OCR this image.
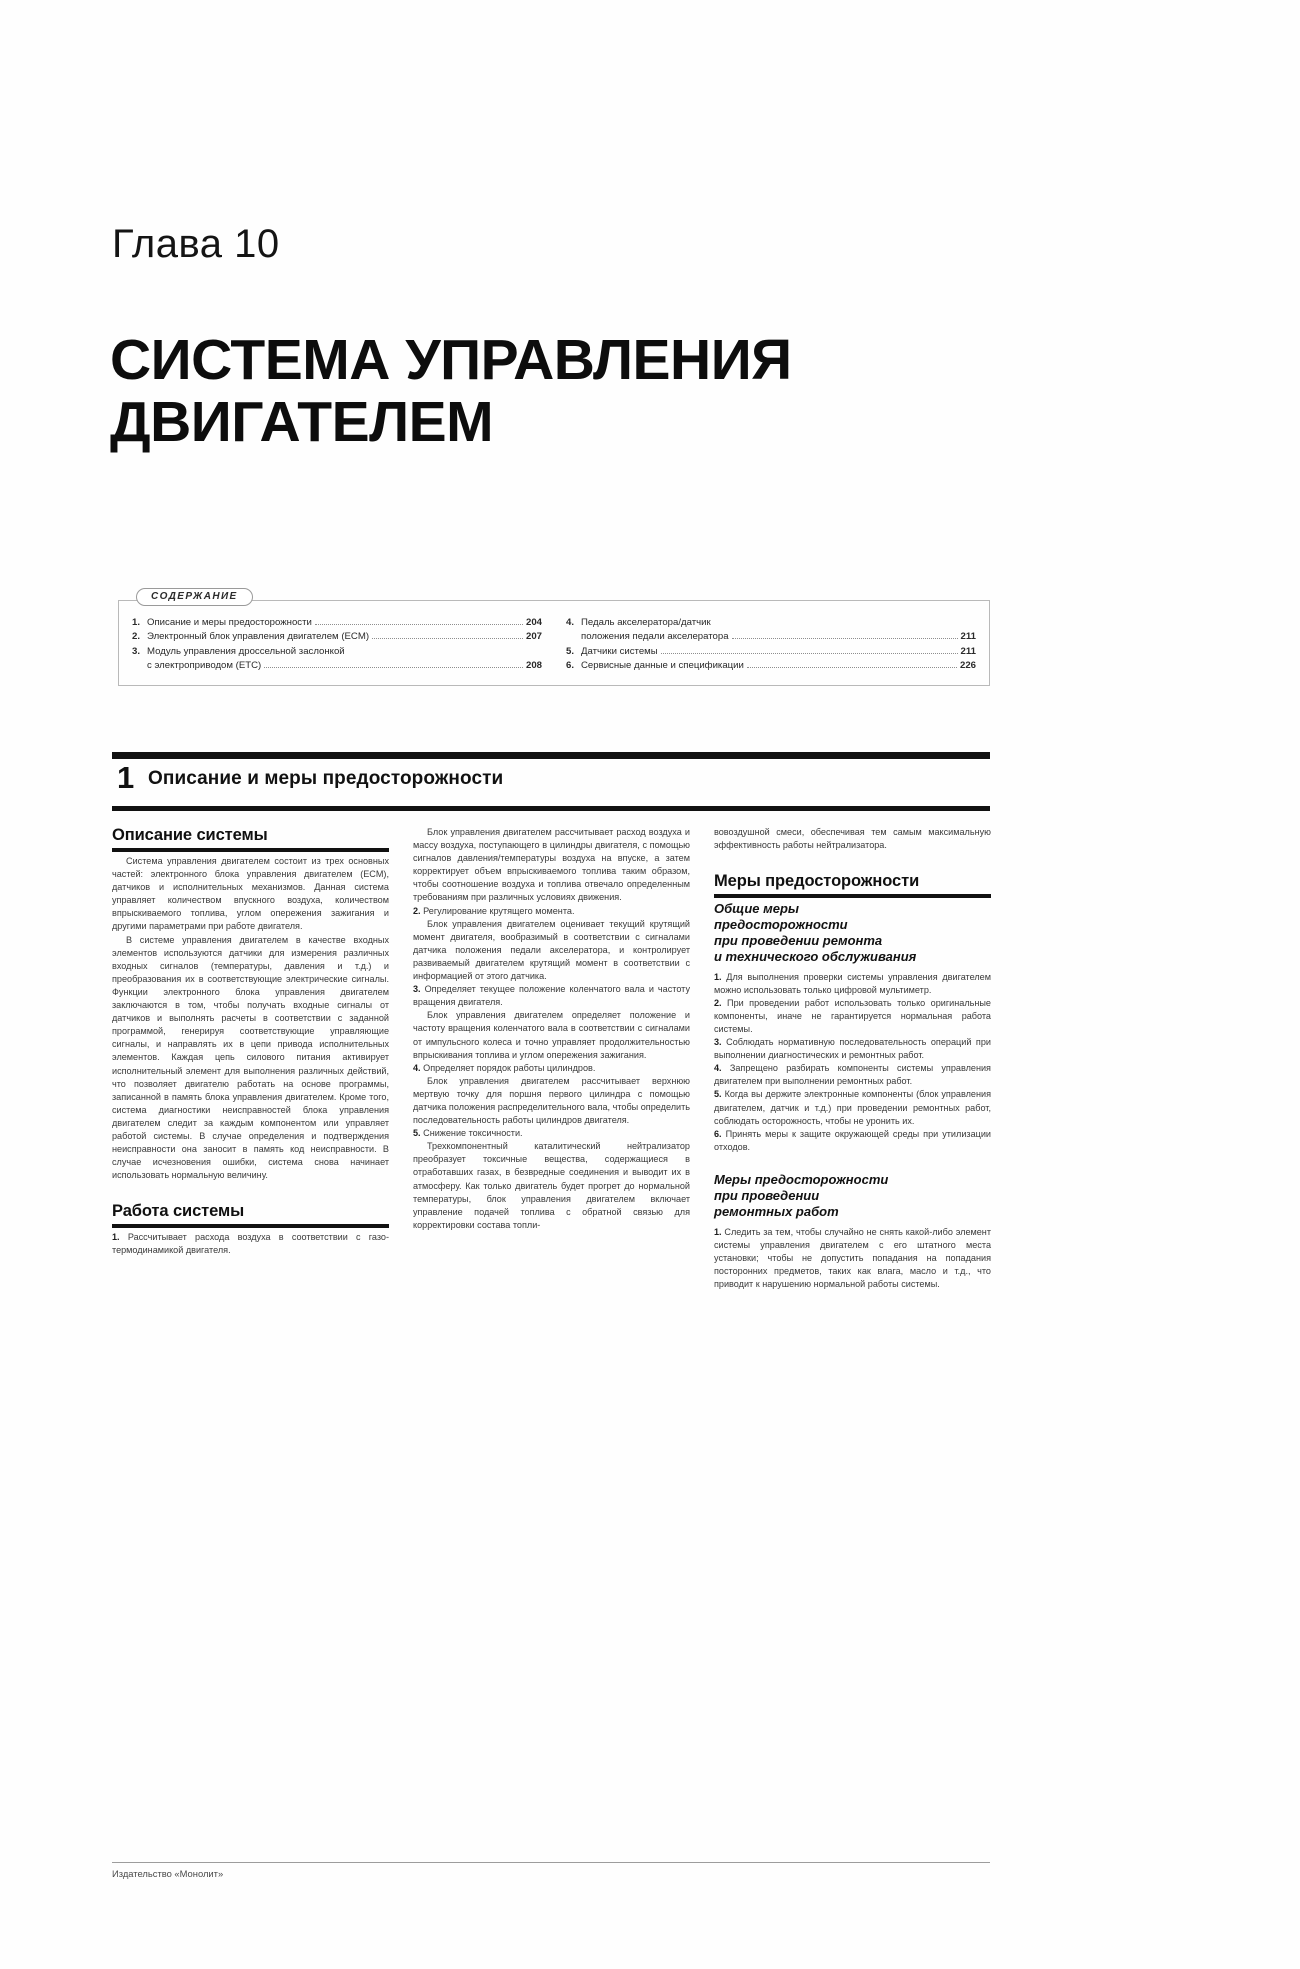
Глава 10
СИСТЕМА УПРАВЛЕНИЯ
ДВИГАТЕЛЕМ
СОДЕРЖАНИЕ
1. Описание и меры предосторожности	204
2. Электронный блок управления двигателем (ECM)	207
3. Модуль управления дроссельной заслонкой
с электроприводом (ETC)	208
4. Педаль акселератора/датчик
положения педали акселератора	211
5. Датчики системы	211
6. Сервисные данные и спецификации	226
1 Описание и меры предосторожности
Описание системы

Система управления двигателем состоит из трех основных частей: электронного блока управления двигателем (ECM), датчиков и исполнительных механизмов. Данная система управляет количеством впускного воздуха, количеством впрыскиваемого топлива, углом опережения зажигания и другими параметрами при работе двигателя.

В системе управления двигателем в качестве входных элементов используются датчики для измерения различных входных сигналов (температуры, давления и т.д.) и преобразования их в соответствующие электрические сигналы. Функции электронного блока управления двигателем заключаются в том, чтобы получать входные сигналы от датчиков и выполнять расчеты в соответствии с заданной программой, генерируя соответствующие управляющие сигналы, и направлять их в цепи привода исполнительных элементов. Каждая цепь силового питания активирует исполнительный элемент для выполнения различных действий, что позволяет двигателю работать на основе программы, записанной в память блока управления двигателем. Кроме того, система диагностики неисправностей блока управления двигателем следит за каждым компонентом или управляет работой системы. В случае определения и подтверждения неисправности она заносит в память код неисправности. В случае исчезновения ошибки, система снова начинает использовать нормальную величину.

Работа системы

1. Рассчитывает расхода воздуха в соответствии с газо-термодинамикой двигателя.

Блок управления двигателем рассчитывает расход воздуха и массу воздуха, поступающего в цилиндры двигателя, с помощью сигналов давления/температуры воздуха на впуске, а затем корректирует объем впрыскиваемого топлива таким образом, чтобы соотношение воздуха и топлива отвечало определенным требованиям при различных условиях движения.

2. Регулирование крутящего момента.

Блок управления двигателем оценивает текущий крутящий момент двигателя, вообразимый в соответствии с сигналами датчика положения педали акселератора, и контролирует развиваемый двигателем крутящий момент в соответствии с информацией от этого датчика.

3. Определяет текущее положение коленчатого вала и частоту вращения двигателя.

Блок управления двигателем определяет положение и частоту вращения коленчатого вала в соответствии с сигналами от импульсного колеса и точно управляет продолжительностью впрыскивания топлива и углом опережения зажигания.

4. Определяет порядок работы цилиндров.

Блок управления двигателем рассчитывает верхнюю мертвую точку для поршня первого цилиндра с помощью датчика положения распределительного вала, чтобы определить последовательность работы цилиндров двигателя.

5. Снижение токсичности.

Трехкомпонентный каталитический нейтрализатор преобразует токсичные вещества, содержащиеся в отработавших газах, в безвредные соединения и выводит их в атмосферу. Как только двигатель будет прогрет до нормальной температуры, блок управления двигателем включает управление подачей топлива с обратной связью для корректировки состава топли-

вовоздушной смеси, обеспечивая тем самым максимальную эффективность работы нейтрализатора.

Меры предосторожности
Общие меры
предосторожности
при проведении ремонта
и технического обслуживания

1. Для выполнения проверки системы управления двигателем можно использовать только цифровой мультиметр.

2. При проведении работ использовать только оригинальные компоненты, иначе не гарантируется нормальная работа системы.

3. Соблюдать нормативную последовательность операций при выполнении диагностических и ремонтных работ.

4. Запрещено разбирать компоненты системы управления двигателем при выполнении ремонтных работ.

5. Когда вы держите электронные компоненты (блок управления двигателем, датчик и т.д.) при проведении ремонтных работ, соблюдать осторожность, чтобы не уронить их.

6. Принять меры к защите окружающей среды при утилизации отходов.

Меры предосторожности
при проведении
ремонтных работ

1. Следить за тем, чтобы случайно не снять какой-либо элемент системы управления двигателем с его штатного места установки; чтобы не допустить попадания на попадания посторонних предметов, таких как влага, масло и т.д., что приводит к нарушению нормальной работы системы.

Издательство «Монолит»
